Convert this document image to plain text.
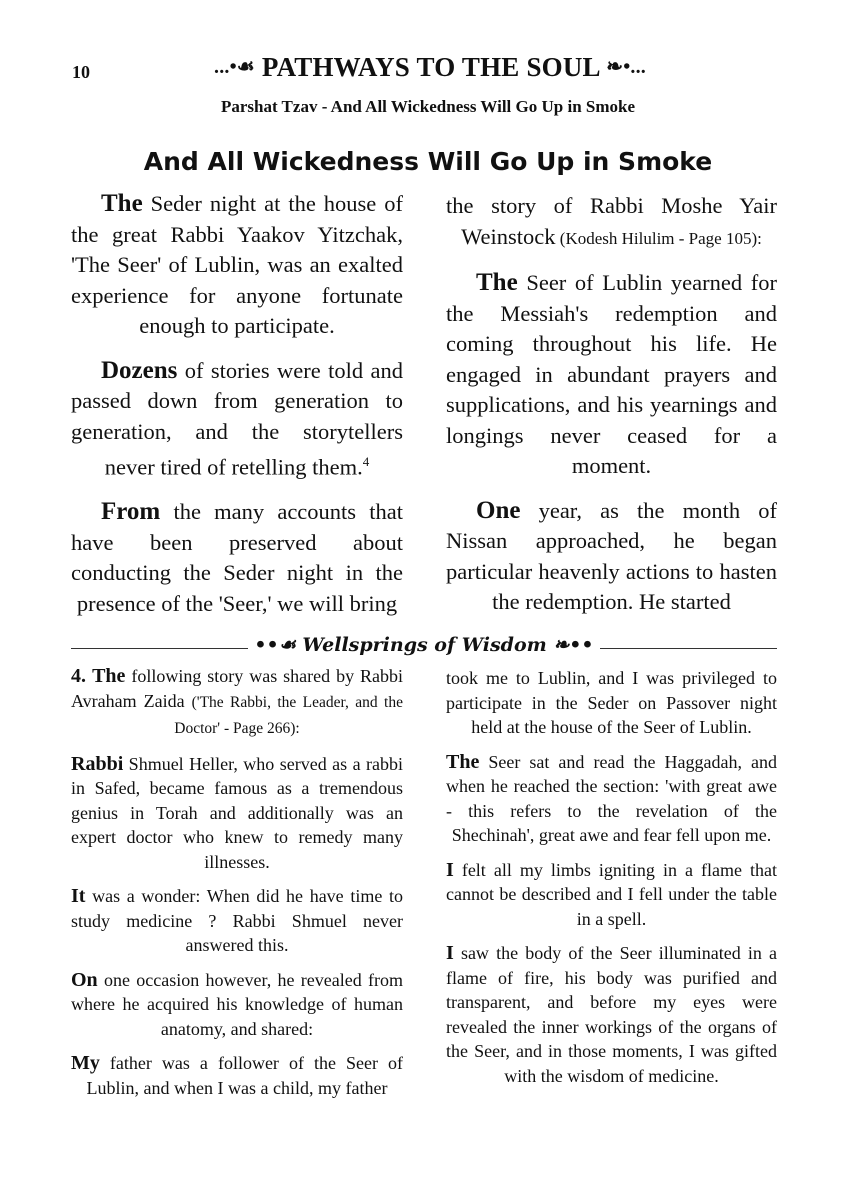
10	...•☙ PATHWAYS TO THE SOUL ❧•...
Parshat Tzav - And All Wickedness Will Go Up in Smoke
And All Wickedness Will Go Up in Smoke

The Seder night at the house of the great Rabbi Yaakov Yitzchak, 'The Seer' of Lublin, was an exalted experience for anyone fortunate enough to participate.

Dozens of stories were told and passed down from generation to generation, and the storytellers never tired of retelling them.$^4$

From the many accounts that have been preserved about conducting the Seder night in the presence of the 'Seer,' we will bring

the story of Rabbi Moshe Yair Weinstock (Kodesh Hilulim - Page 105):

The Seer of Lublin yearned for the Messiah's redemption and coming throughout his life. He engaged in abundant prayers and supplications, and his yearnings and longings never ceased for a moment.

One year, as the month of Nissan approached, he began particular heavenly actions to hasten the redemption. He started

••☙ Wellsprings of Wisdom ❧••

4. The following story was shared by Rabbi Avraham Zaida ('The Rabbi, the Leader, and the Doctor' - Page 266):

Rabbi Shmuel Heller, who served as a rabbi in Safed, became famous as a tremendous genius in Torah and additionally was an expert doctor who knew to remedy many illnesses.

It was a wonder: When did he have time to study medicine ? Rabbi Shmuel never answered this.

On one occasion however, he revealed from where he acquired his knowledge of human anatomy, and shared:

My father was a follower of the Seer of Lublin, and when I was a child, my father

took me to Lublin, and I was privileged to participate in the Seder on Passover night held at the house of the Seer of Lublin.

The Seer sat and read the Haggadah, and when he reached the section: 'with great awe - this refers to the revelation of the Shechinah', great awe and fear fell upon me.

I felt all my limbs igniting in a flame that cannot be described and I fell under the table in a spell.

I saw the body of the Seer illuminated in a flame of fire, his body was purified and transparent, and before my eyes were revealed the inner workings of the organs of the Seer, and in those moments, I was gifted with the wisdom of medicine.
